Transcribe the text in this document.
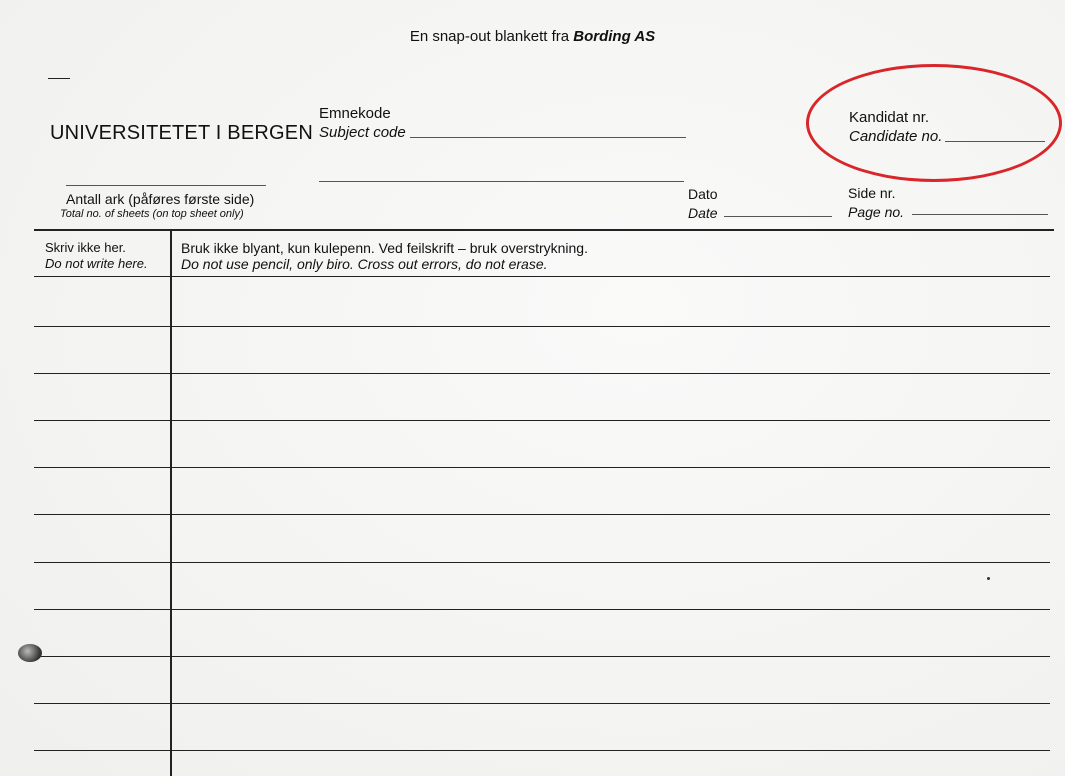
En snap-out blankett fra Bording AS
UNIVERSITETET I BERGEN
Emnekode
Subject code
Kandidat nr.
Candidate no.
Antall ark (påføres første side)
Total no. of sheets (on top sheet only)
Dato
Date
Side nr.
Page no.
Skriv ikke her.
Do not write here.
Bruk ikke blyant, kun kulepenn. Ved feilskrift – bruk overstrykning.
Do not use pencil, only biro. Cross out errors, do not erase.
